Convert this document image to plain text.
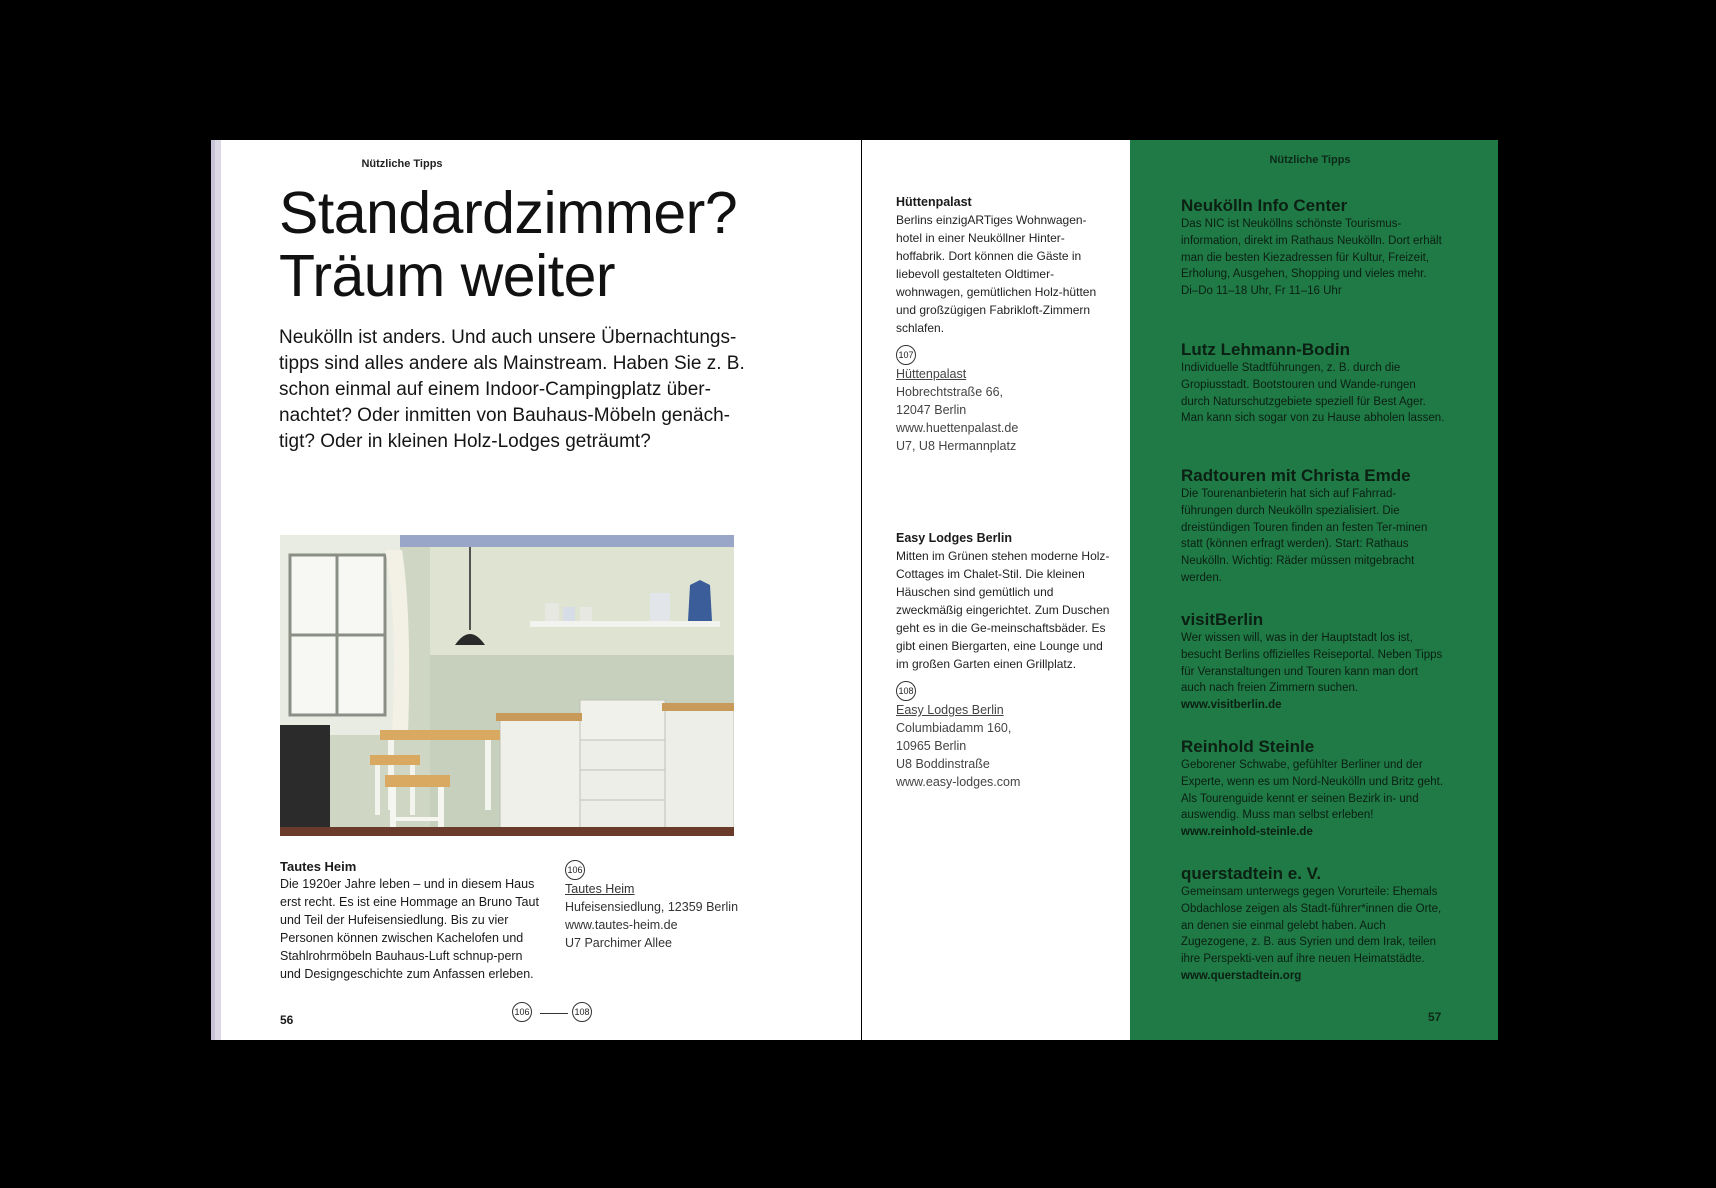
Nützliche Tipps
Standardzimmer?
Träum weiter

Neukölln ist anders. Und auch unsere Übernachtungs-tipps sind alles andere als Mainstream. Haben Sie z. B. schon einmal auf einem Indoor-Campingplatz über-nachtet? Oder inmitten von Bauhaus-Möbeln genäch-tigt? Oder in kleinen Holz-Lodges geträumt?

Tautes Heim
Die 1920er Jahre leben – und in diesem Haus erst recht. Es ist eine Hommage an Bruno Taut und Teil der Hufeisensiedlung. Bis zu vier Personen können zwischen Kachelofen und Stahlrohrmöbeln Bauhaus-Luft schnup-pern und Designgeschichte zum Anfassen erleben.
106
Tautes Heim
Hufeisensiedlung, 12359 Berlin
www.tautes-heim.de
U7 Parchimer Allee
56
106	108
Hüttenpalast
Berlins einzigARTiges Wohnwagen-hotel in einer Neuköllner Hinter-hoffabrik. Dort können die Gäste in liebevoll gestalteten Oldtimer-wohnwagen, gemütlichen Holz-hütten und großzügigen Fabrikloft-Zimmern schlafen.
107
Hüttenpalast
Hobrechtstraße 66,
12047 Berlin
www.huettenpalast.de
U7, U8 Hermannplatz
Easy Lodges Berlin
Mitten im Grünen stehen moderne Holz-Cottages im Chalet-Stil. Die kleinen Häuschen sind gemütlich und zweckmäßig eingerichtet. Zum Duschen geht es in die Ge-meinschaftsbäder. Es gibt einen Biergarten, eine Lounge und im großen Garten einen Grillplatz.
108
Easy Lodges Berlin
Columbiadamm 160,
10965 Berlin
U8 Boddinstraße
www.easy-lodges.com
Nützliche Tipps

Neukölln Info Center

Das NIC ist Neuköllns schönste Tourismus-information, direkt im Rathaus Neukölln. Dort erhält man die besten Kiezadressen für Kultur, Freizeit, Erholung, Ausgehen, Shopping und vieles mehr.

Di–Do 11–18 Uhr, Fr 11–16 Uhr

Lutz Lehmann-Bodin

Individuelle Stadtführungen, z. B. durch die Gropiusstadt. Bootstouren und Wande-rungen durch Naturschutzgebiete speziell für Best Ager. Man kann sich sogar von zu Hause abholen lassen.

Radtouren mit Christa Emde

Die Tourenanbieterin hat sich auf Fahrrad-führungen durch Neukölln spezialisiert. Die dreistündigen Touren finden an festen Ter-minen statt (können erfragt werden). Start: Rathaus Neukölln. Wichtig: Räder müssen mitgebracht werden.

visitBerlin

Wer wissen will, was in der Hauptstadt los ist, besucht Berlins offizielles Reiseportal. Neben Tipps für Veranstaltungen und Touren kann man dort auch nach freien Zimmern suchen. www.visitberlin.de

Reinhold Steinle

Geborener Schwabe, gefühlter Berliner und der Experte, wenn es um Nord-Neukölln und Britz geht. Als Tourenguide kennt er seinen Bezirk in- und auswendig. Muss man selbst erleben! www.reinhold-steinle.de

querstadtein e. V.

Gemeinsam unterwegs gegen Vorurteile: Ehemals Obdachlose zeigen als Stadt-führer*innen die Orte, an denen sie einmal gelebt haben. Auch Zugezogene, z. B. aus Syrien und dem Irak, teilen ihre Perspekti-ven auf ihre neuen Heimatstädte.

www.querstadtein.org

57
